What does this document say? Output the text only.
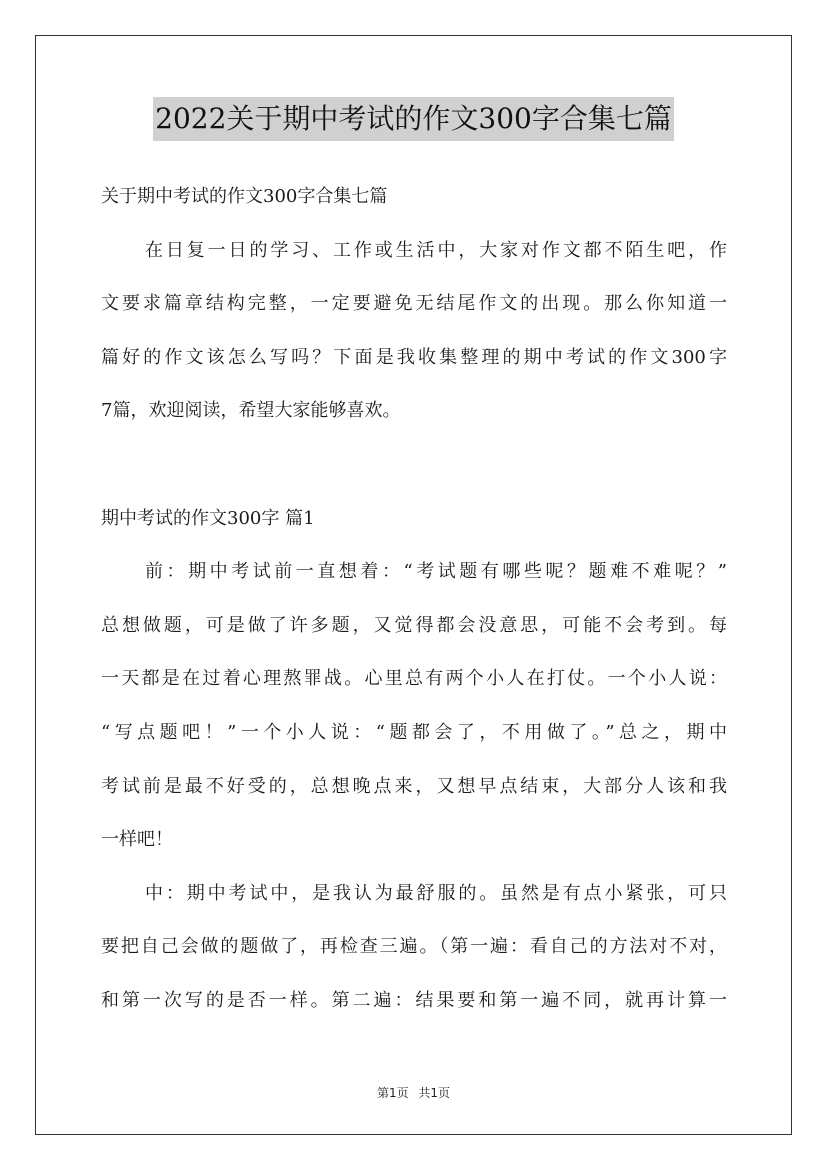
2022关于期中考试的作文300字合集七篇
关于期中考试的作文300字合集七篇
在日复一日的学习、工作或生活中，大家对作文都不陌生吧，作
文要求篇章结构完整，一定要避免无结尾作文的出现。那么你知道一
篇好的作文该怎么写吗？下面是我收集整理的期中考试的作文300字
7篇，欢迎阅读，希望大家能够喜欢。
期中考试的作文300字 篇1
前：期中考试前一直想着：“考试题有哪些呢？题难不难呢？”
总想做题，可是做了许多题，又觉得都会没意思，可能不会考到。每
一天都是在过着心理熬罪战。心里总有两个小人在打仗。一个小人说：
“写点题吧！”一个小人说：“题都会了，不用做了。”总之，期中
考试前是最不好受的，总想晚点来，又想早点结束，大部分人该和我
一样吧！
中：期中考试中，是我认为最舒服的。虽然是有点小紧张，可只
要把自己会做的题做了，再检查三遍。（第一遍：看自己的方法对不对，
和第一次写的是否一样。第二遍：结果要和第一遍不同，就再计算一
第1页 共1页
